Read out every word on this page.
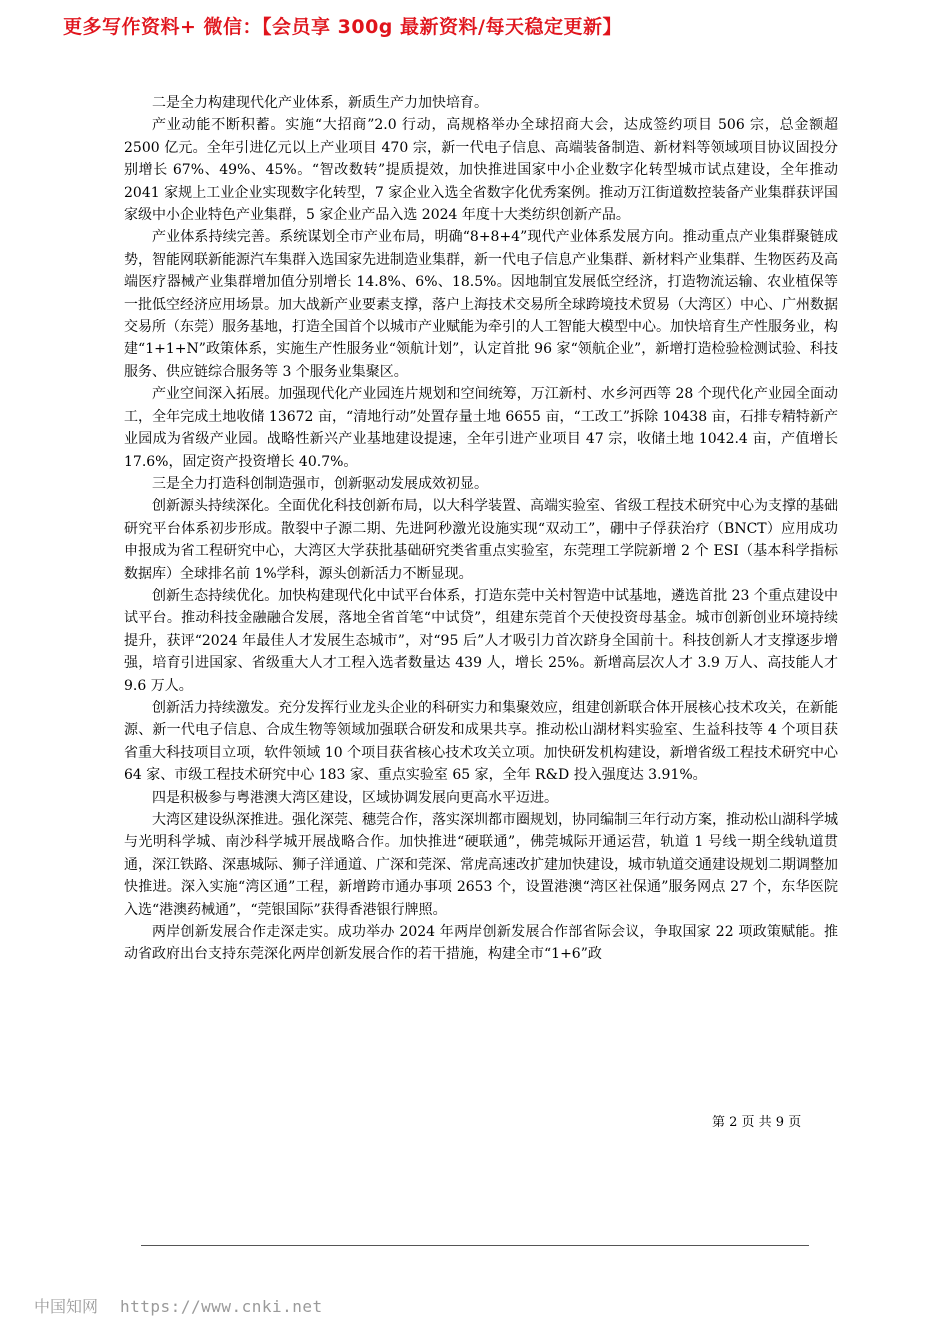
更多写作资料+ 微信：【会员享 300g 最新资料/每天稳定更新】

二是全力构建现代化产业体系，新质生产力加快培育。

产业动能不断积蓄。实施“大招商”2.0 行动，高规格举办全球招商大会，达成签约项目 506 宗，总金额超 2500 亿元。全年引进亿元以上产业项目 470 宗，新一代电子信息、高端装备制造、新材料等领域项目协议固投分别增长 67%、49%、45%。“智改数转”提质提效，加快推进国家中小企业数字化转型城市试点建设，全年推动 2041 家规上工业企业实现数字化转型，7 家企业入选全省数字化优秀案例。推动万江街道数控装备产业集群获评国家级中小企业特色产业集群，5 家企业产品入选 2024 年度十大类纺织创新产品。

产业体系持续完善。系统谋划全市产业布局，明确“8+8+4”现代产业体系发展方向。推动重点产业集群聚链成势，智能网联新能源汽车集群入选国家先进制造业集群，新一代电子信息产业集群、新材料产业集群、生物医药及高端医疗器械产业集群增加值分别增长 14.8%、6%、18.5%。因地制宜发展低空经济，打造物流运输、农业植保等一批低空经济应用场景。加大战新产业要素支撑，落户上海技术交易所全球跨境技术贸易（大湾区）中心、广州数据交易所（东莞）服务基地，打造全国首个以城市产业赋能为牵引的人工智能大模型中心。加快培育生产性服务业，构建“1+1+N”政策体系，实施生产性服务业“领航计划”，认定首批 96 家“领航企业”，新增打造检验检测试验、科技服务、供应链综合服务等 3 个服务业集聚区。

产业空间深入拓展。加强现代化产业园连片规划和空间统筹，万江新村、水乡河西等 28 个现代化产业园全面动工，全年完成土地收储 13672 亩，“清地行动”处置存量土地 6655 亩，“工改工”拆除 10438 亩，石排专精特新产业园成为省级产业园。战略性新兴产业基地建设提速，全年引进产业项目 47 宗，收储土地 1042.4 亩，产值增长 17.6%，固定资产投资增长 40.7%。

三是全力打造科创制造强市，创新驱动发展成效初显。

创新源头持续深化。全面优化科技创新布局，以大科学装置、高端实验室、省级工程技术研究中心为支撑的基础研究平台体系初步形成。散裂中子源二期、先进阿秒激光设施实现“双动工”，硼中子俘获治疗（BNCT）应用成功申报成为省工程研究中心，大湾区大学获批基础研究类省重点实验室，东莞理工学院新增 2 个 ESI（基本科学指标数据库）全球排名前 1%学科，源头创新活力不断显现。

创新生态持续优化。加快构建现代化中试平台体系，打造东莞中关村智造中试基地，遴选首批 23 个重点建设中试平台。推动科技金融融合发展，落地全省首笔“中试贷”，组建东莞首个天使投资母基金。城市创新创业环境持续提升，获评“2024 年最佳人才发展生态城市”，对“95 后”人才吸引力首次跻身全国前十。科技创新人才支撑逐步增强，培育引进国家、省级重大人才工程入选者数量达 439 人，增长 25%。新增高层次人才 3.9 万人、高技能人才 9.6 万人。

创新活力持续激发。充分发挥行业龙头企业的科研实力和集聚效应，组建创新联合体开展核心技术攻关，在新能源、新一代电子信息、合成生物等领域加强联合研发和成果共享。推动松山湖材料实验室、生益科技等 4 个项目获省重大科技项目立项，软件领域 10 个项目获省核心技术攻关立项。加快研发机构建设，新增省级工程技术研究中心 64 家、市级工程技术研究中心 183 家、重点实验室 65 家，全年 R&D 投入强度达 3.91%。

四是积极参与粤港澳大湾区建设，区域协调发展向更高水平迈进。

大湾区建设纵深推进。强化深莞、穗莞合作，落实深圳都市圈规划，协同编制三年行动方案，推动松山湖科学城与光明科学城、南沙科学城开展战略合作。加快推进“硬联通”，佛莞城际开通运营，轨道 1 号线一期全线轨道贯通，深江铁路、深惠城际、狮子洋通道、广深和莞深、常虎高速改扩建加快建设，城市轨道交通建设规划二期调整加快推进。深入实施“湾区通”工程，新增跨市通办事项 2653 个，设置港澳“湾区社保通”服务网点 27 个，东华医院入选“港澳药械通”，“莞银国际”获得香港银行牌照。

两岸创新发展合作走深走实。成功举办 2024 年两岸创新发展合作部省际会议，争取国家 22 项政策赋能。推动省政府出台支持东莞深化两岸创新发展合作的若干措施，构建全市“1+6”政

第 2 页 共 9 页
中国知网 https://www.cnki.net
